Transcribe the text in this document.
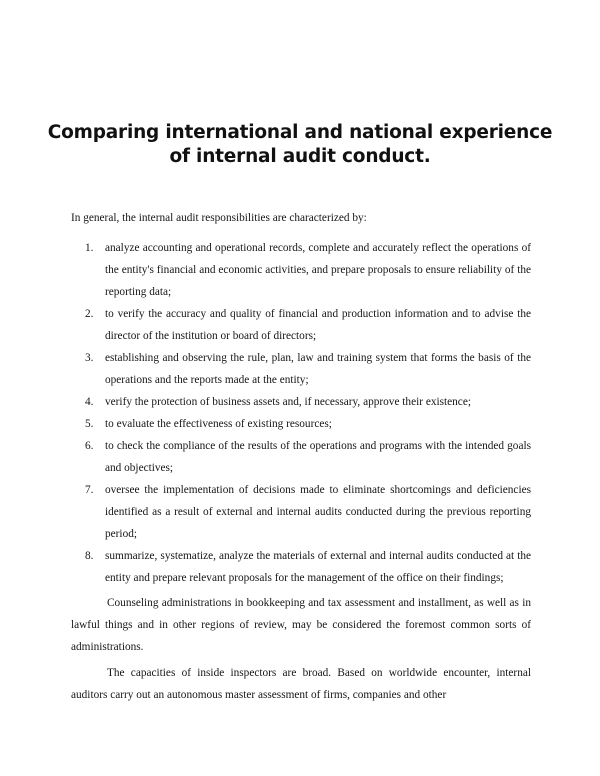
Comparing international and national experience
of internal audit conduct.

In general, the internal audit responsibilities are characterized by:

1. analyze accounting and operational records, complete and accurately reflect the operations of the entity's financial and economic activities, and prepare proposals to ensure reliability of the reporting data;
2. to verify the accuracy and quality of financial and production information and to advise the director of the institution or board of directors;
3. establishing and observing the rule, plan, law and training system that forms the basis of the operations and the reports made at the entity;
4. verify the protection of business assets and, if necessary, approve their existence;
5. to evaluate the effectiveness of existing resources;
6. to check the compliance of the results of the operations and programs with the intended goals and objectives;
7. oversee the implementation of decisions made to eliminate shortcomings and deficiencies identified as a result of external and internal audits conducted during the previous reporting period;
8. summarize, systematize, analyze the materials of external and internal audits conducted at the entity and prepare relevant proposals for the management of the office on their findings;

Counseling administrations in bookkeeping and tax assessment and installment, as well as in lawful things and in other regions of review, may be considered the foremost common sorts of administrations.

The capacities of inside inspectors are broad. Based on worldwide encounter, internal auditors carry out an autonomous master assessment of firms, companies and other
